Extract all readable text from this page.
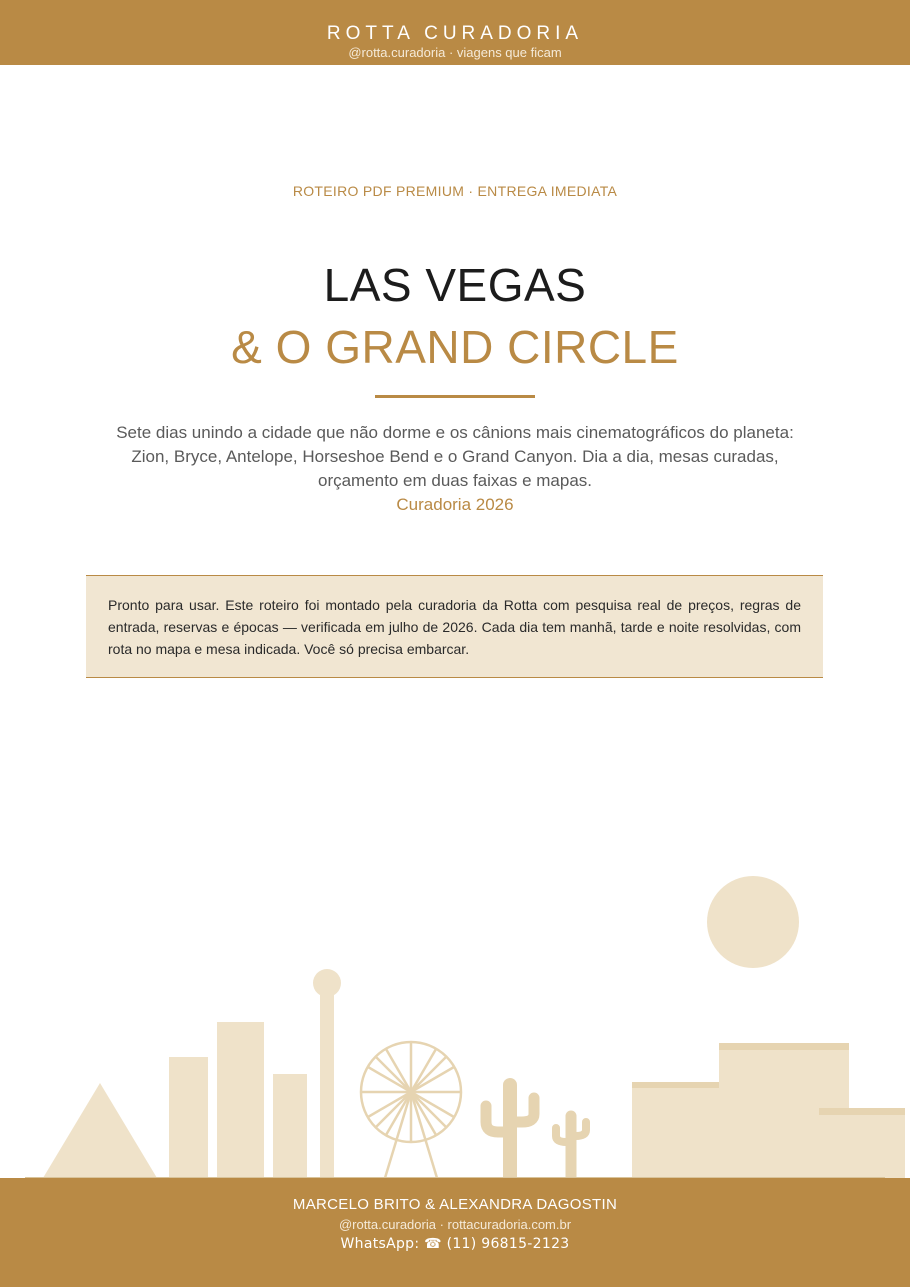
ROTTA CURADORIA
@rotta.curadoria · viagens que ficam
ROTEIRO PDF PREMIUM · ENTREGA IMEDIATA
LAS VEGAS
& O GRAND CIRCLE
Sete dias unindo a cidade que não dorme e os cânions mais cinematográficos do planeta: Zion, Bryce, Antelope, Horseshoe Bend e o Grand Canyon. Dia a dia, mesas curadas, orçamento em duas faixas e mapas.
Curadoria 2026
Pronto para usar. Este roteiro foi montado pela curadoria da Rotta com pesquisa real de preços, regras de entrada, reservas e épocas — verificada em julho de 2026. Cada dia tem manhã, tarde e noite resolvidas, com rota no mapa e mesa indicada. Você só precisa embarcar.
MARCELO BRITO & ALEXANDRA DAGOSTIN
@rotta.curadoria · rottacuradoria.com.br
WhatsApp: ☎ (11) 96815-2123
